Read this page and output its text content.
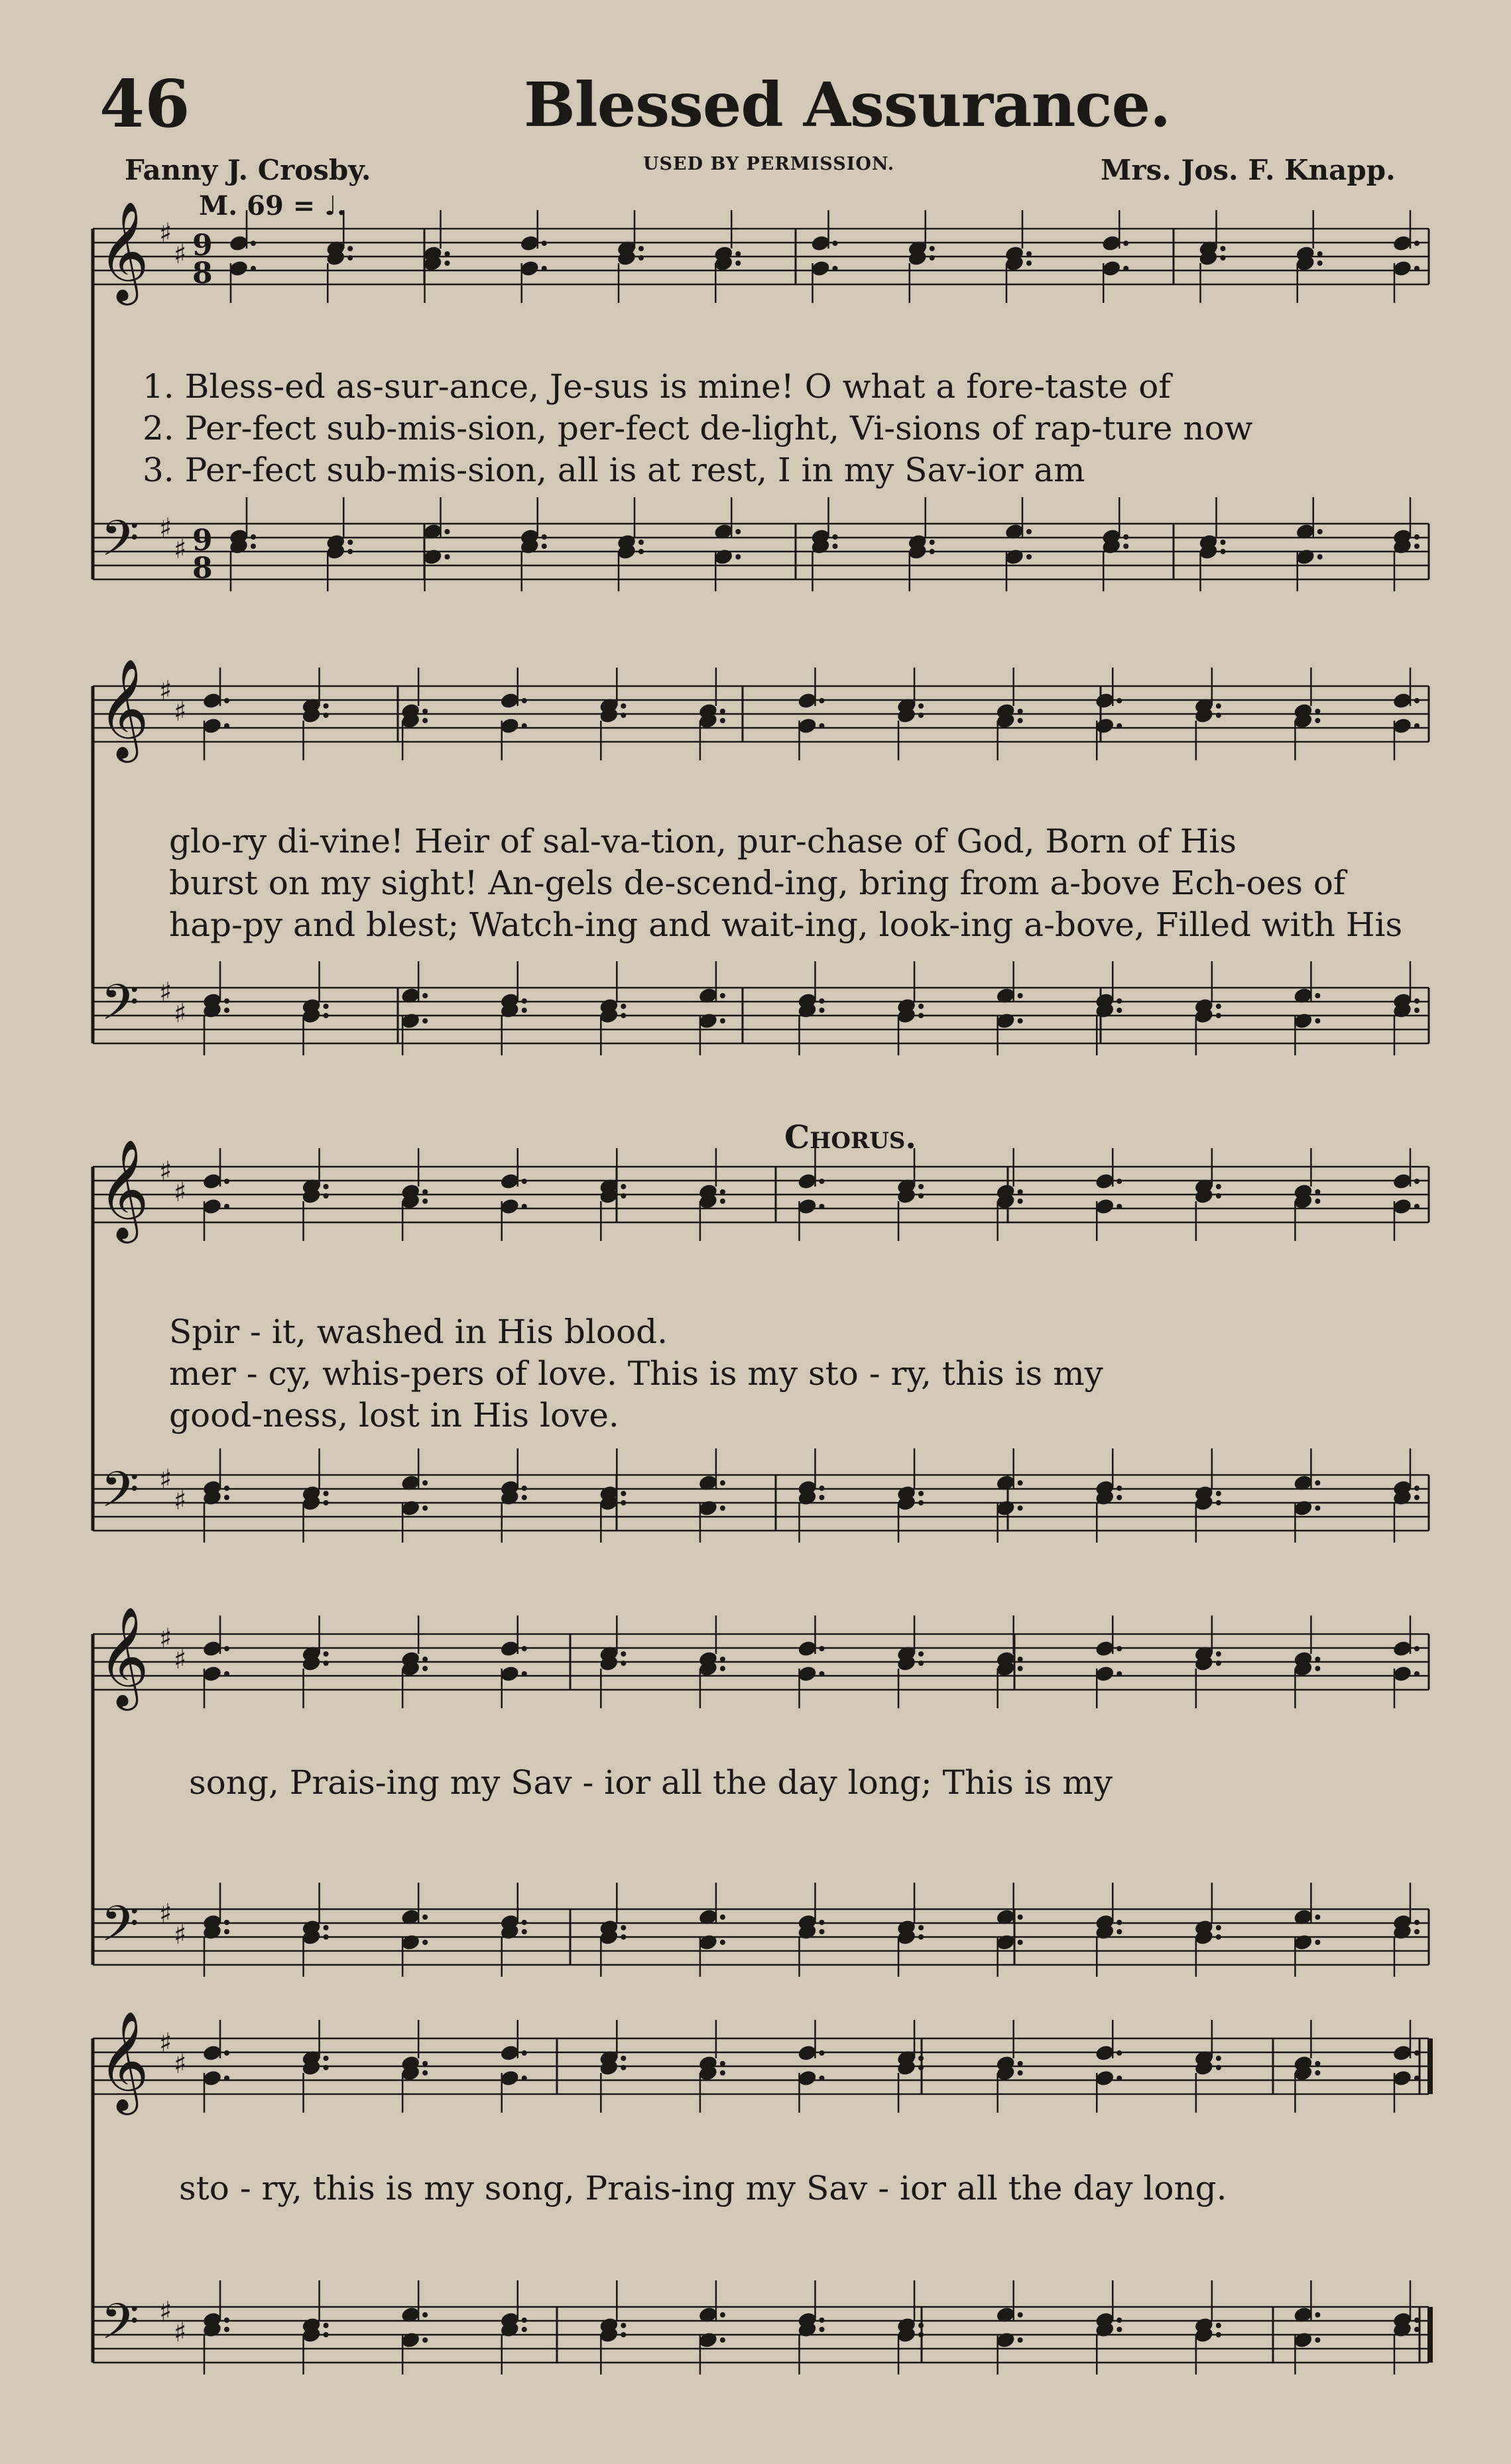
46	Blessed Assurance.
Fanny J. Crosby.	USED BY PERMISSION.	Mrs. Jos. F. Knapp.
M. 69 = ♩.
𝄞
𝄢
♯
♯
♯
♯
9
8
9
8
𝄞
𝄢
♯
♯
♯
♯
𝄞
𝄢
♯
♯
♯
♯
𝄞
𝄢
♯
♯
♯
♯
𝄞
𝄢
♯
♯
♯
♯
1. Bless-ed as-sur-ance, Je-sus is mine! O what a fore-taste of
2. Per-fect sub-mis-sion, per-fect de-light, Vi-sions of rap-ture now
3. Per-fect sub-mis-sion, all is at rest, I in my Sav-ior am
glo-ry di-vine! Heir of sal-va-tion, pur-chase of God, Born of His
burst on my sight! An-gels de-scend-ing, bring from a-bove Ech-oes of
hap-py and blest; Watch-ing and wait-ing, look-ing a-bove, Filled with His
Chorus.
Spir - it, washed in His blood.
mer - cy, whis-pers of love. This is my sto - ry, this is my
good-ness, lost in His love.
song, Prais-ing my Sav - ior all the day long; This is my
sto - ry, this is my song, Prais-ing my Sav - ior all the day long.
